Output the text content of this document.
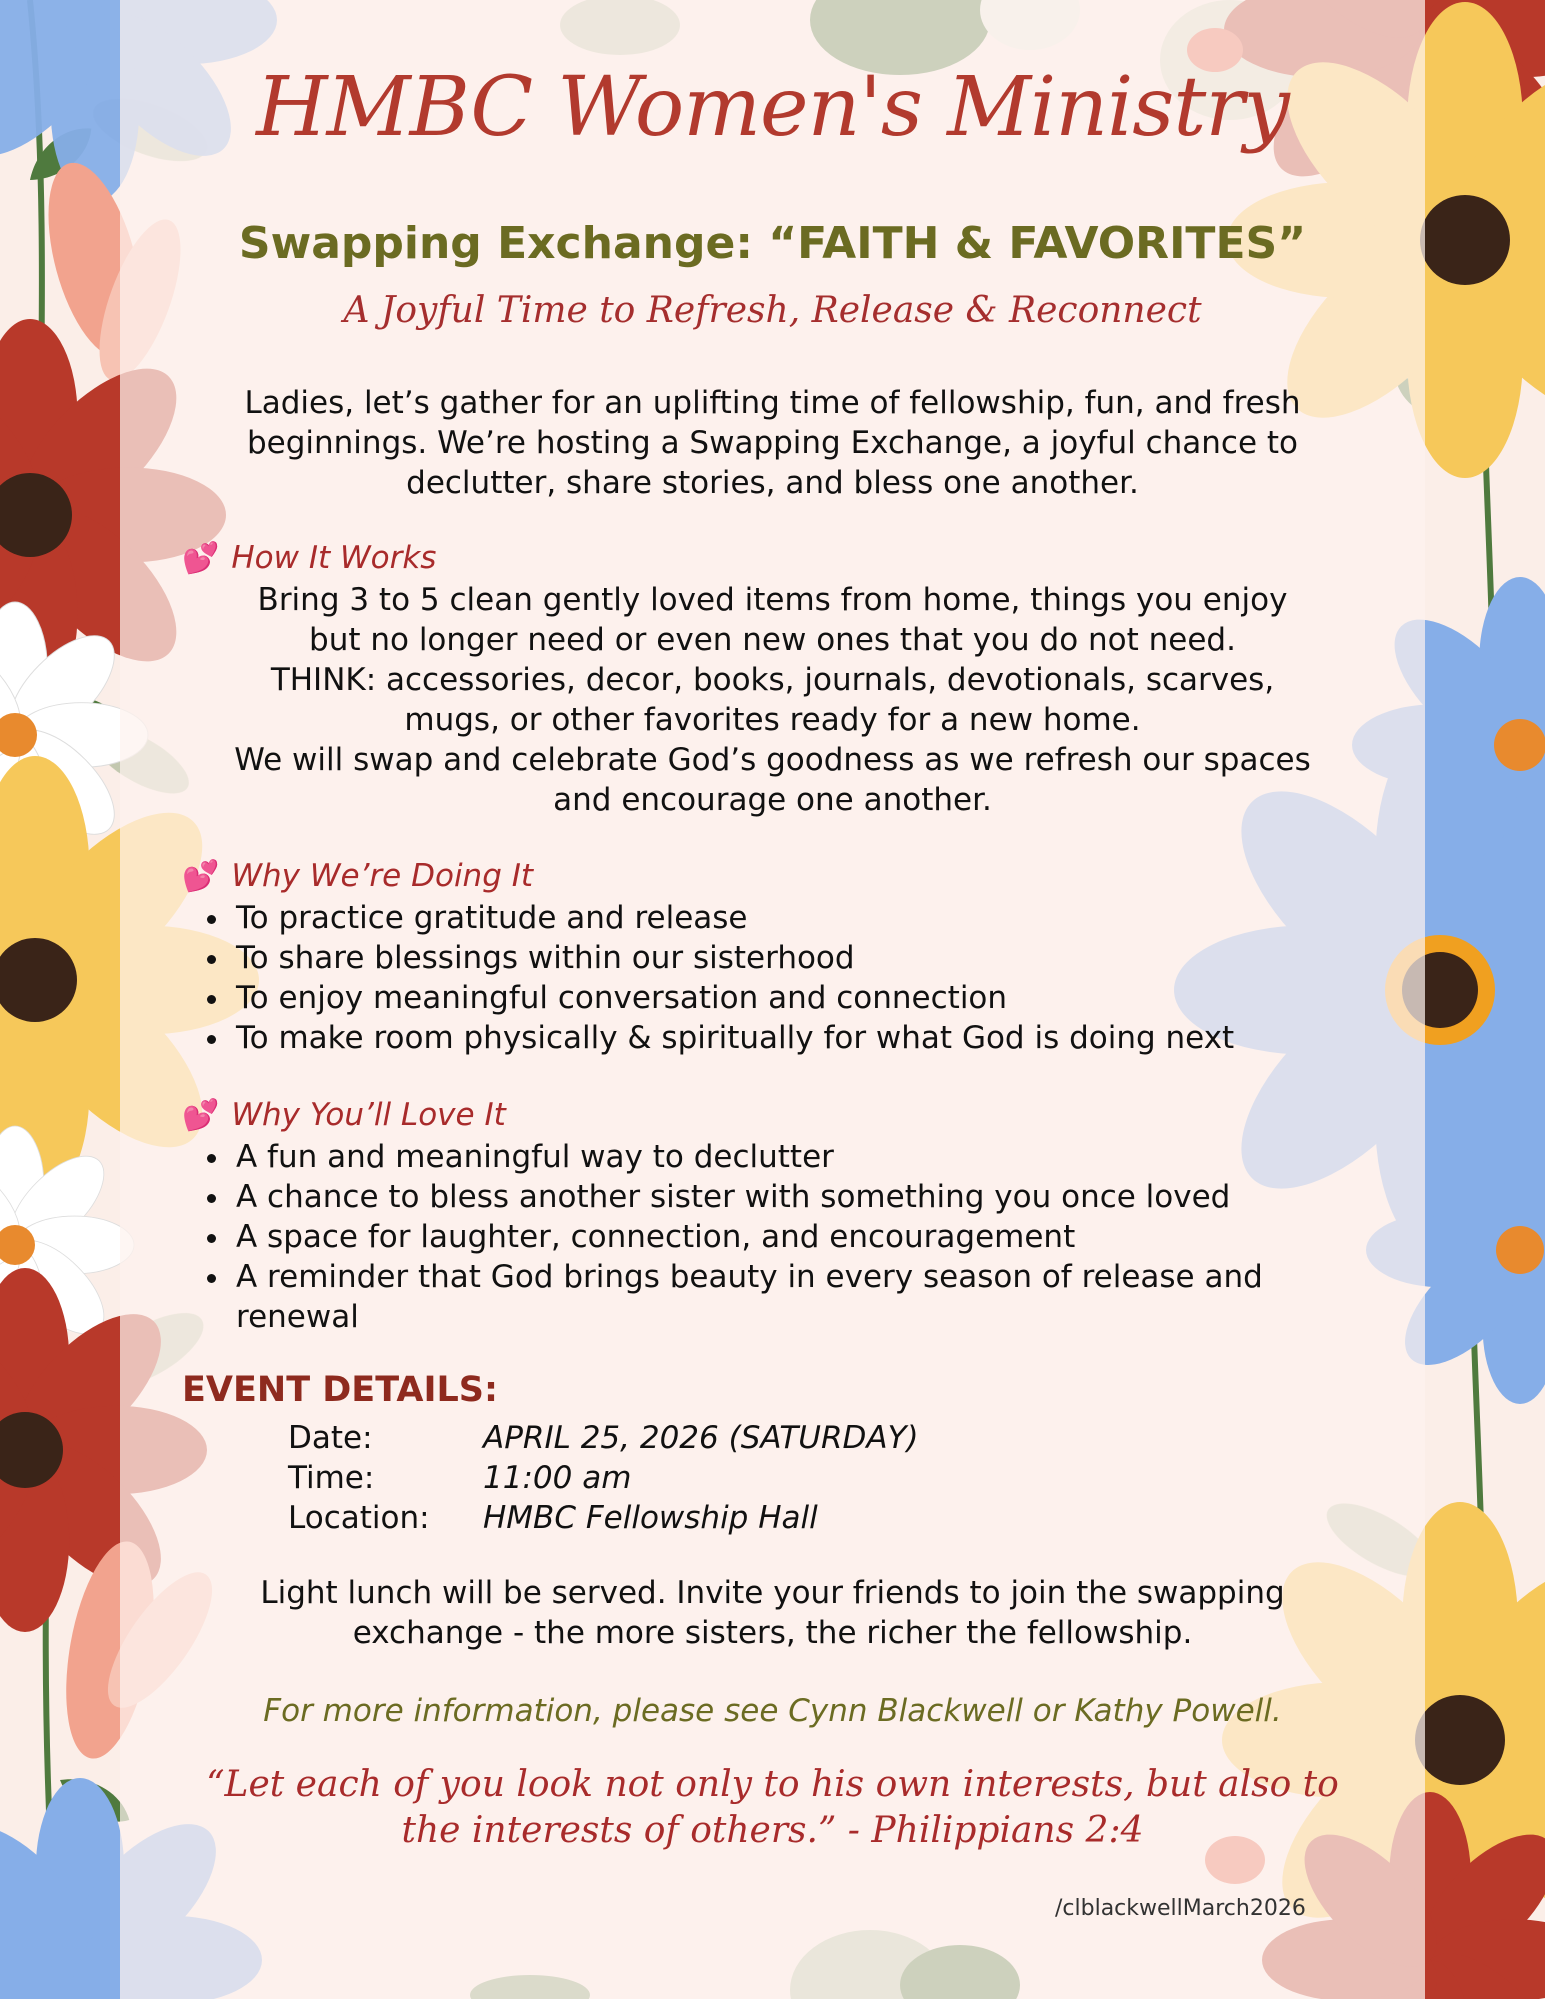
HMBC Women's Ministry
Swapping Exchange: “FAITH & FAVORITES”
A Joyful Time to Refresh, Release & Reconnect
Ladies, let’s gather for an uplifting time of fellowship, fun, and fresh
beginnings. We’re hosting a Swapping Exchange, a joyful chance to
declutter, share stories, and bless one another.
💕 How It Works
Bring 3 to 5 clean gently loved items from home, things you enjoy
but no longer need or even new ones that you do not need.
THINK: accessories, decor, books, journals, devotionals, scarves,
mugs, or other favorites ready for a new home.
We will swap and celebrate God’s goodness as we refresh our spaces
and encourage one another.
💕 Why We’re Doing It
• To practice gratitude and release
• To share blessings within our sisterhood
• To enjoy meaningful conversation and connection
• To make room physically & spiritually for what God is doing next
💕 Why You’ll Love It
• A fun and meaningful way to declutter
• A chance to bless another sister with something you once loved
• A space for laughter, connection, and encouragement
• A reminder that God brings beauty in every season of release and renewal
EVENT DETAILS:
Date:	APRIL 25, 2026 (SATURDAY)
Time:	11:00 am
Location:	HMBC Fellowship Hall
Light lunch will be served. Invite your friends to join the swapping
exchange - the more sisters, the richer the fellowship.
For more information, please see Cynn Blackwell or Kathy Powell.
“Let each of you look not only to his own interests, but also to
the interests of others.” - Philippians 2:4
/clblackwellMarch2026
